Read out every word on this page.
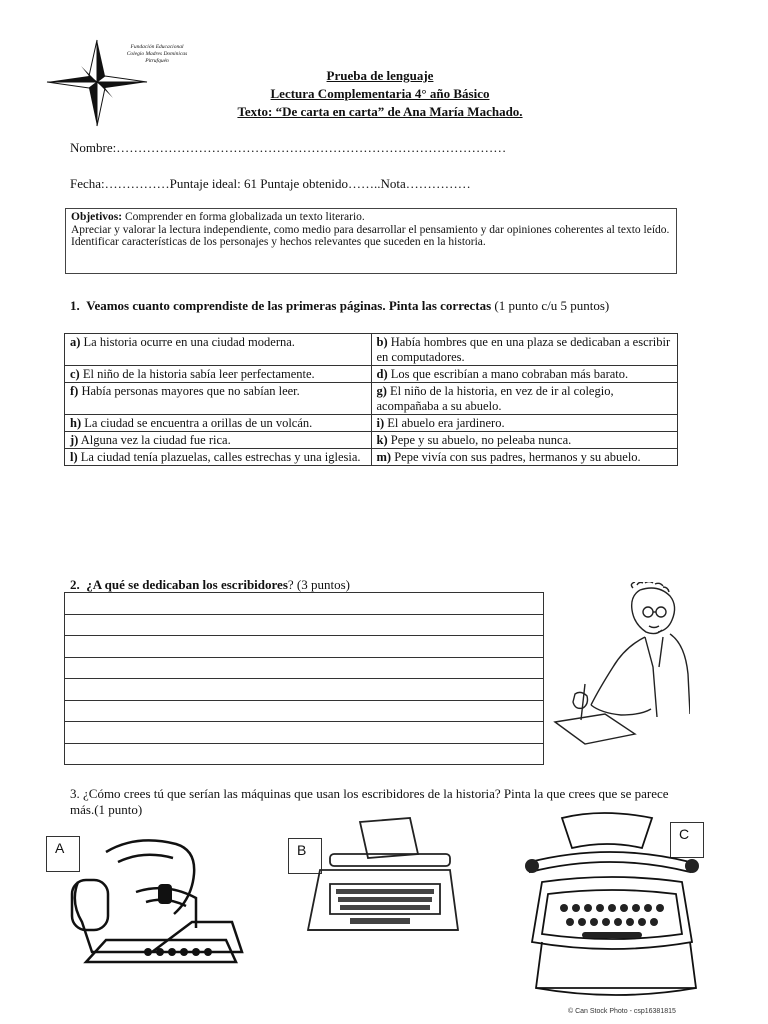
Fundación Educacional
Colegio Madres Dominicas
Pitrufquén
Prueba de lenguaje
Lectura Complementaria 4° año Básico
Texto: “De carta en carta” de Ana María Machado.
Nombre:………………………………………………………………………………
Fecha:……………Puntaje ideal: 61 Puntaje obtenido……..Nota……………
Objetivos: Comprender en forma globalizada un texto literario.
Apreciar y valorar la lectura independiente, como medio para desarrollar el pensamiento y dar opiniones coherentes al texto leído.
Identificar características de los personajes y hechos relevantes que suceden en la historia.
1. Veamos cuanto comprendiste de las primeras páginas. Pinta las correctas (1 punto c/u 5 puntos)
a) La historia ocurre en una ciudad moderna.	b) Había hombres que en una plaza se dedicaban a escribir en computadores.
c) El niño de la historia sabía leer perfectamente.	d) Los que escribían a mano cobraban más barato.
f) Había personas mayores que no sabían leer.	g) El niño de la historia, en vez de ir al colegio, acompañaba a su abuelo.
h) La ciudad se encuentra a orillas de un volcán.	i) El abuelo era jardinero.
j) Alguna vez la ciudad fue rica.	k) Pepe y su abuelo, no peleaba nunca.
l) La ciudad tenía plazuelas, calles estrechas y una iglesia.	m) Pepe vivía con sus padres, hermanos y su abuelo.
2. ¿A qué se dedicaban los escribidores? (3 puntos)
3. ¿Cómo crees tú que serían las máquinas que usan los escribidores de la historia? Pinta la que crees que se parece más.(1 punto)
A	B
C
© Can Stock Photo - csp16381815
